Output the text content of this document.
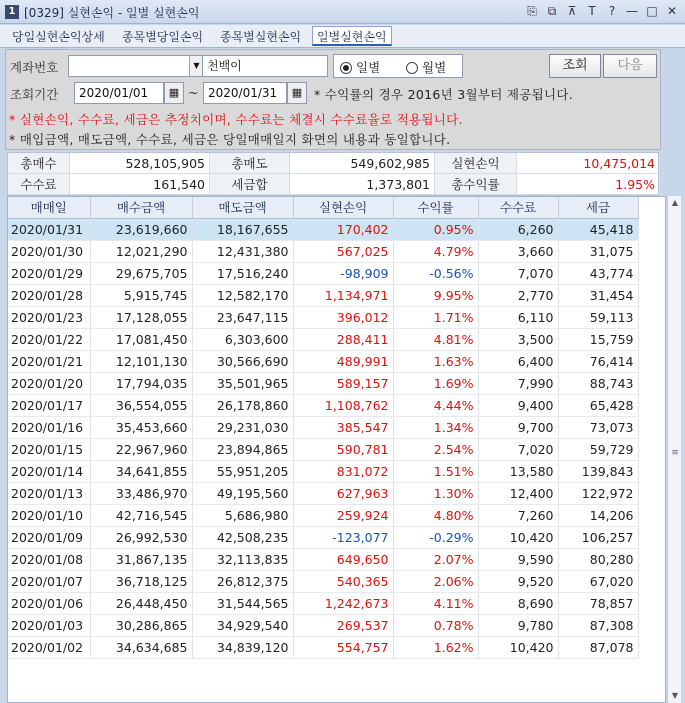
1 [0329] 실현손익 - 일별 실현손익	⎘ ⧉ ⊼ T	? — □ ✕
당일실현손익상세	종목별당일손익	종목별실현손익	일별실현손익
계좌번호	▼ 천백이	일별	월별	조회	다음
조회기간	2020/01/01	▦ ~ 2020/01/31	▦ * 수익률의 경우 2016년 3월부터 제공됩니다.
* 실현손익, 수수료, 세금은 추정치이며, 수수료는 체결시 수수료율로 적용됩니다.
* 매입금액, 매도금액, 수수료, 세금은 당일매매일지 화면의 내용과 동일합니다.
총매수	528,105,905	총매도	549,602,985	실현손익	10,475,014
수수료	161,540	세금합	1,373,801	총수익률	1.95%
매매일	매수금액	매도금액	실현손익	수익률	수수료	세금
2020/01/31	23,619,660	18,167,655	170,402	0.95%	6,260	45,418
2020/01/30	12,021,290	12,431,380	567,025	4.79%	3,660	31,075
2020/01/29	29,675,705	17,516,240	-98,909	-0.56%	7,070	43,774
2020/01/28	5,915,745	12,582,170	1,134,971	9.95%	2,770	31,454
2020/01/23	17,128,055	23,647,115	396,012	1.71%	6,110	59,113
2020/01/22	17,081,450	6,303,600	288,411	4.81%	3,500	15,759
2020/01/21	12,101,130	30,566,690	489,991	1.63%	6,400	76,414
2020/01/20	17,794,035	35,501,965	589,157	1.69%	7,990	88,743
2020/01/17	36,554,055	26,178,860	1,108,762	4.44%	9,400	65,428
2020/01/16	35,453,660	29,231,030	385,547	1.34%	9,700	73,073
2020/01/15	22,967,960	23,894,865	590,781	2.54%	7,020	59,729
2020/01/14	34,641,855	55,951,205	831,072	1.51%	13,580	139,843
2020/01/13	33,486,970	49,195,560	627,963	1.30%	12,400	122,972
2020/01/10	42,716,545	5,686,980	259,924	4.80%	7,260	14,206
2020/01/09	26,992,530	42,508,235	-123,077	-0.29%	10,420	106,257
2020/01/08	31,867,135	32,113,835	649,650	2.07%	9,590	80,280
2020/01/07	36,718,125	26,812,375	540,365	2.06%	9,520	67,020
2020/01/06	26,448,450	31,544,565	1,242,673	4.11%	8,690	78,857
2020/01/03	30,286,865	34,929,540	269,537	0.78%	9,780	87,308
2020/01/02	34,634,685	34,839,120	554,757	1.62%	10,420	87,078
▲
≡
▼
